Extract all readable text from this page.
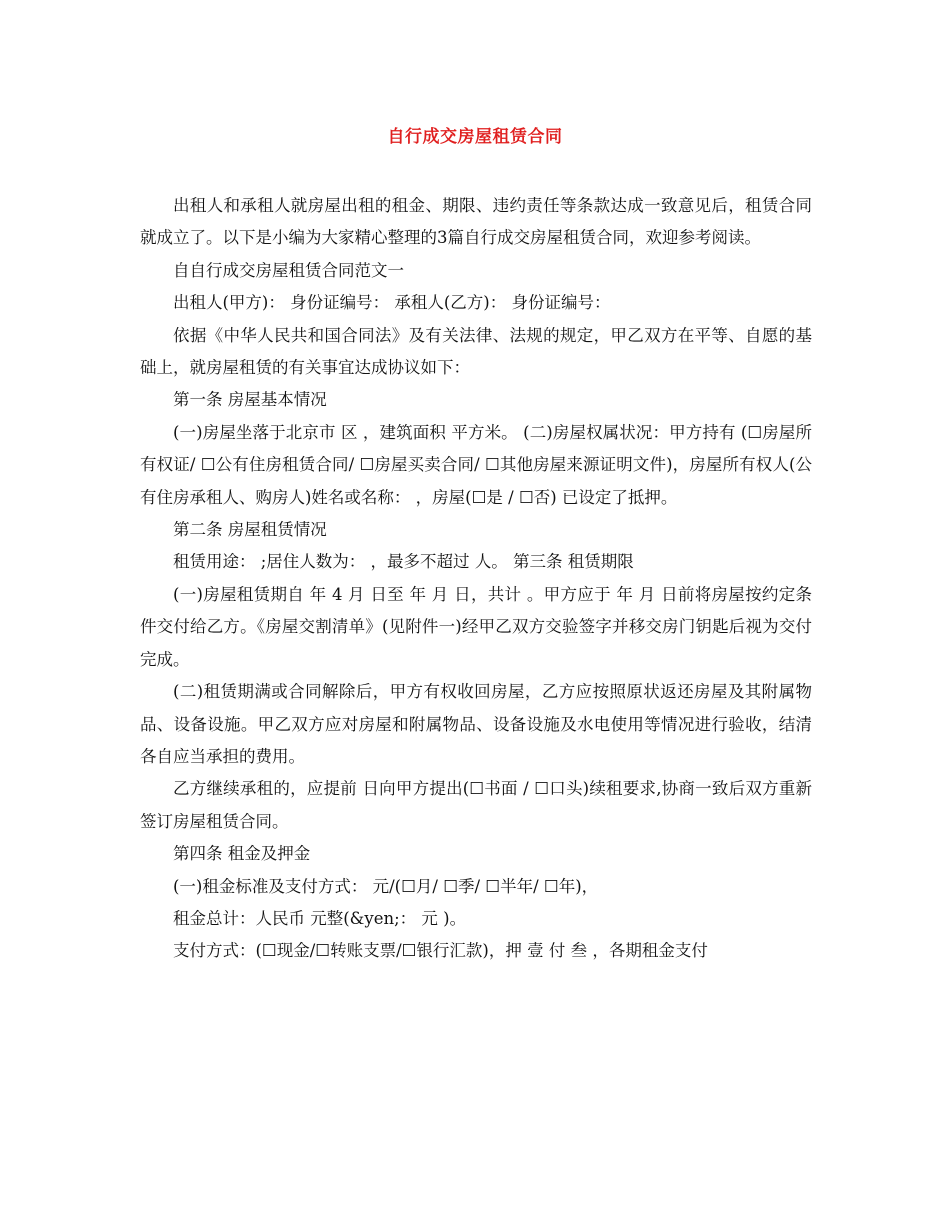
自行成交房屋租赁合同

出租人和承租人就房屋出租的租金、期限、违约责任等条款达成一致意见后，租赁合同就成立了。以下是小编为大家精心整理的3篇自行成交房屋租赁合同，欢迎参考阅读。

自自行成交房屋租赁合同范文一

出租人(甲方)： 身份证编号： 承租人(乙方)： 身份证编号：

依据《中华人民共和国合同法》及有关法律、法规的规定，甲乙双方在平等、自愿的基础上，就房屋租赁的有关事宜达成协议如下：

第一条 房屋基本情况

(一)房屋坐落于北京市 区 ，建筑面积 平方米。 (二)房屋权属状况：甲方持有 (☐房屋所有权证/ ☐公有住房租赁合同/ ☐房屋买卖合同/ ☐其他房屋来源证明文件)，房屋所有权人(公有住房承租人、购房人)姓名或名称： ，房屋(☐是 / ☐否) 已设定了抵押。

第二条 房屋租赁情况

租赁用途： ;居住人数为： ，最多不超过 人。 第三条 租赁期限

(一)房屋租赁期自 年 4 月 日至 年 月 日，共计 。甲方应于 年 月 日前将房屋按约定条件交付给乙方。《房屋交割清单》(见附件一)经甲乙双方交验签字并移交房门钥匙后视为交付完成。

(二)租赁期满或合同解除后，甲方有权收回房屋，乙方应按照原状返还房屋及其附属物品、设备设施。甲乙双方应对房屋和附属物品、设备设施及水电使用等情况进行验收，结清各自应当承担的费用。

乙方继续承租的，应提前 日向甲方提出(☐书面 / ☐口头)续租要求,协商一致后双方重新签订房屋租赁合同。

第四条 租金及押金

(一)租金标准及支付方式： 元/(☐月/ ☐季/ ☐半年/ ☐年)，

租金总计：人民币 元整(&yen;： 元 )。

支付方式：(☐现金/☐转账支票/☐银行汇款)，押 壹 付 叁 ，各期租金支付
